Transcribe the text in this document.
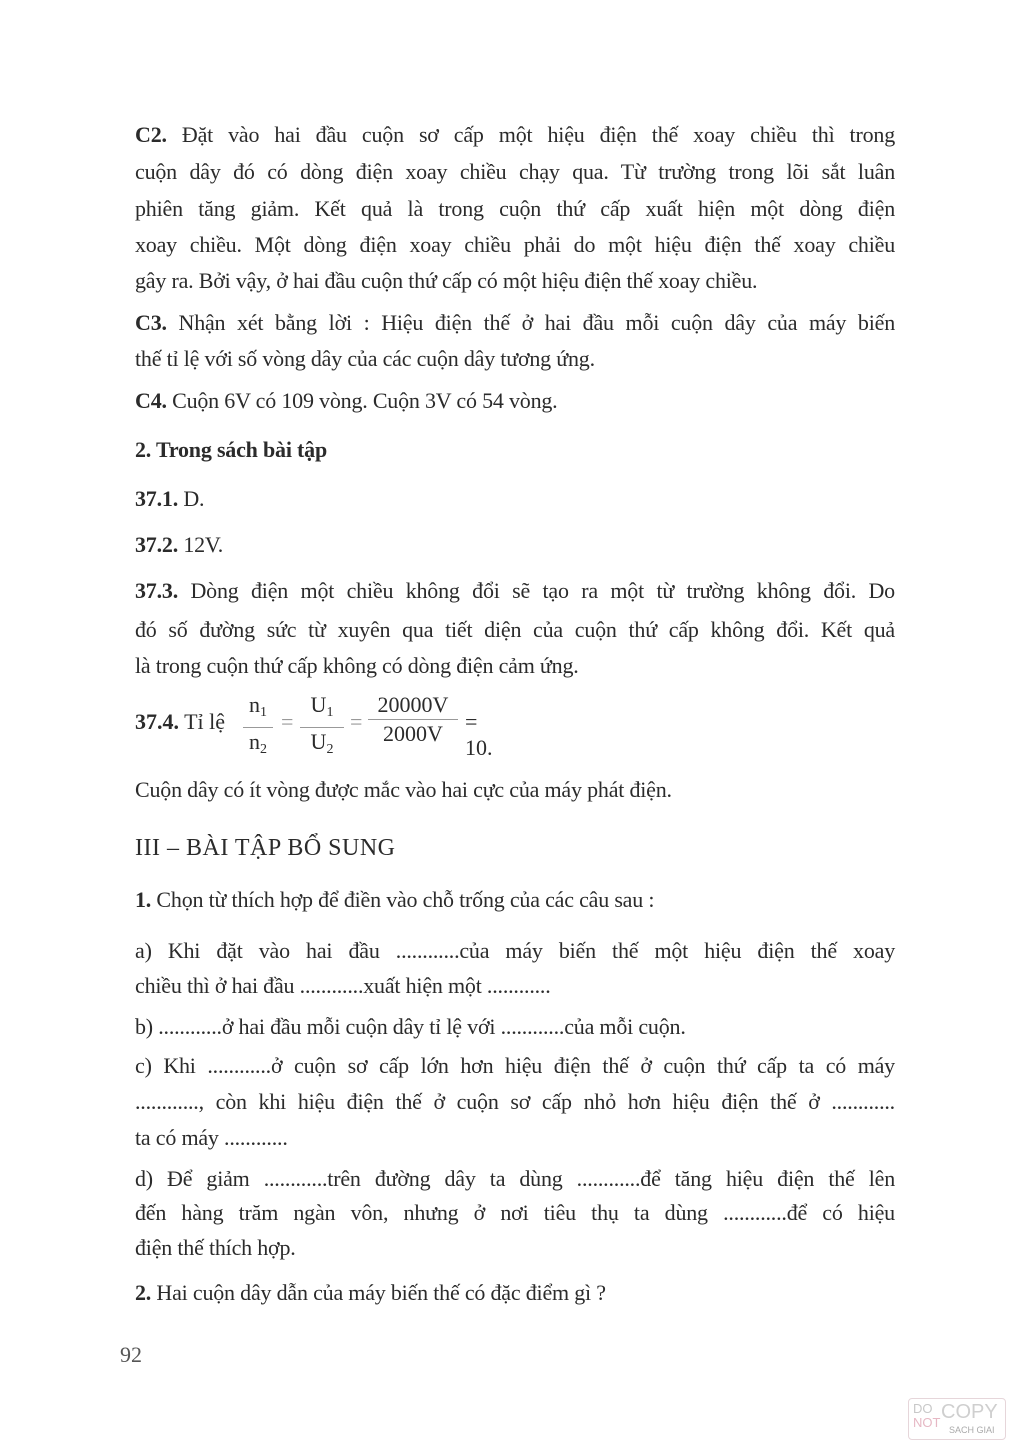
C2. Đặt vào hai đầu cuộn sơ cấp một hiệu điện thế xoay chiều thì trong
cuộn dây đó có dòng điện xoay chiều chạy qua. Từ trường trong lõi sắt luân
phiên tăng giảm. Kết quả là trong cuộn thứ cấp xuất hiện một dòng điện
xoay chiều. Một dòng điện xoay chiều phải do một hiệu điện thế xoay chiều
gây ra. Bởi vậy, ở hai đầu cuộn thứ cấp có một hiệu điện thế xoay chiều.
C3. Nhận xét bằng lời : Hiệu điện thế ở hai đầu mỗi cuộn dây của máy biến
thế tỉ lệ với số vòng dây của các cuộn dây tương ứng.
C4. Cuộn 6V có 109 vòng. Cuộn 3V có 54 vòng.
2. Trong sách bài tập
37.1. D.
37.2. 12V.
37.3. Dòng điện một chiều không đổi sẽ tạo ra một từ trường không đổi. Do
đó số đường sức từ xuyên qua tiết diện của cuộn thứ cấp không đổi. Kết quả
là trong cuộn thứ cấp không có dòng điện cảm ứng.
37.4. Tỉ lệ
$n_1$
$n_2$
=
$U_1$
$U_2$
=
20000V
2000V	= 10.
Cuộn dây có ít vòng được mắc vào hai cực của máy phát điện.
III – BÀI TẬP BỔ SUNG
1. Chọn từ thích hợp để điền vào chỗ trống của các câu sau :
a) Khi đặt vào hai đầu ............của máy biến thế một hiệu điện thế xoay
chiều thì ở hai đầu ............xuất hiện một ............
b) ............ở hai đầu mỗi cuộn dây tỉ lệ với ............của mỗi cuộn.
c) Khi ............ở cuộn sơ cấp lớn hơn hiệu điện thế ở cuộn thứ cấp ta có máy
............, còn khi hiệu điện thế ở cuộn sơ cấp nhỏ hơn hiệu điện thế ở ............
ta có máy ............
d) Để giảm ............trên đường dây ta dùng ............để tăng hiệu điện thế lên
đến hàng trăm ngàn vôn, nhưng ở nơi tiêu thụ ta dùng ............để có hiệu
điện thế thích hợp.
2. Hai cuộn dây dẫn của máy biến thế có đặc điểm gì ?
92
DO
NOT COPY
SACH GIAI
